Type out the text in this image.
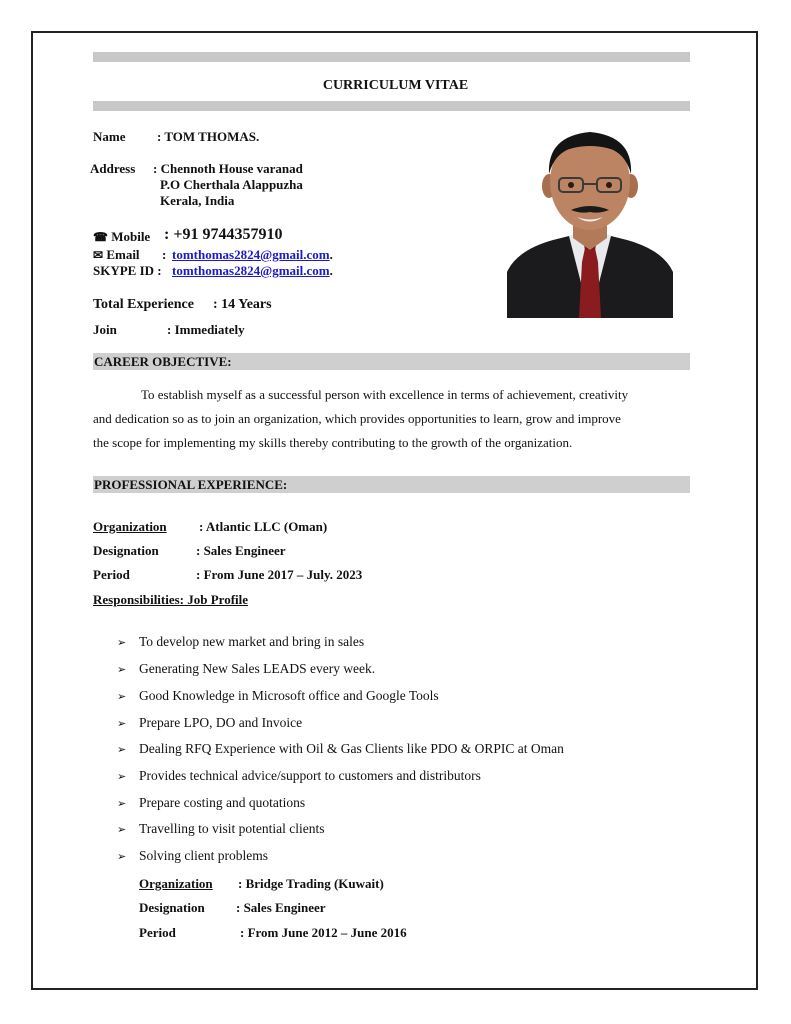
CURRICULUM VITAE
Name : TOM THOMAS.
Address : Chennoth House varanad
P.O Cherthala Alappuzha
Kerala, India
☎ Mobile : +91 9744357910
✉ Email : tomthomas2824@gmail.com.
SKYPE ID : tomthomas2824@gmail.com.
Total Experience : 14 Years
Join	: Immediately
CAREER OBJECTIVE:
To establish myself as a successful person with excellence in terms of achievement, creativity
and dedication so as to join an organization, which provides opportunities to learn, grow and improve
the scope for implementing my skills thereby contributing to the growth of the organization.
PROFESSIONAL EXPERIENCE:
Organization : Atlantic LLC (Oman)
Designation	: Sales Engineer
Period	: From June 2017 – July. 2023
Responsibilities: Job Profile
➢ To develop new market and bring in sales
➢ Generating New Sales LEADS every week.
➢ Good Knowledge in Microsoft office and Google Tools
➢ Prepare LPO, DO and Invoice
➢ Dealing RFQ Experience with Oil & Gas Clients like PDO & ORPIC at Oman
➢ Provides technical advice/support to customers and distributors
➢ Prepare costing and quotations
➢ Travelling to visit potential clients
➢ Solving client problems
Organization : Bridge Trading (Kuwait)
Designation : Sales Engineer
Period	: From June 2012 – June 2016
